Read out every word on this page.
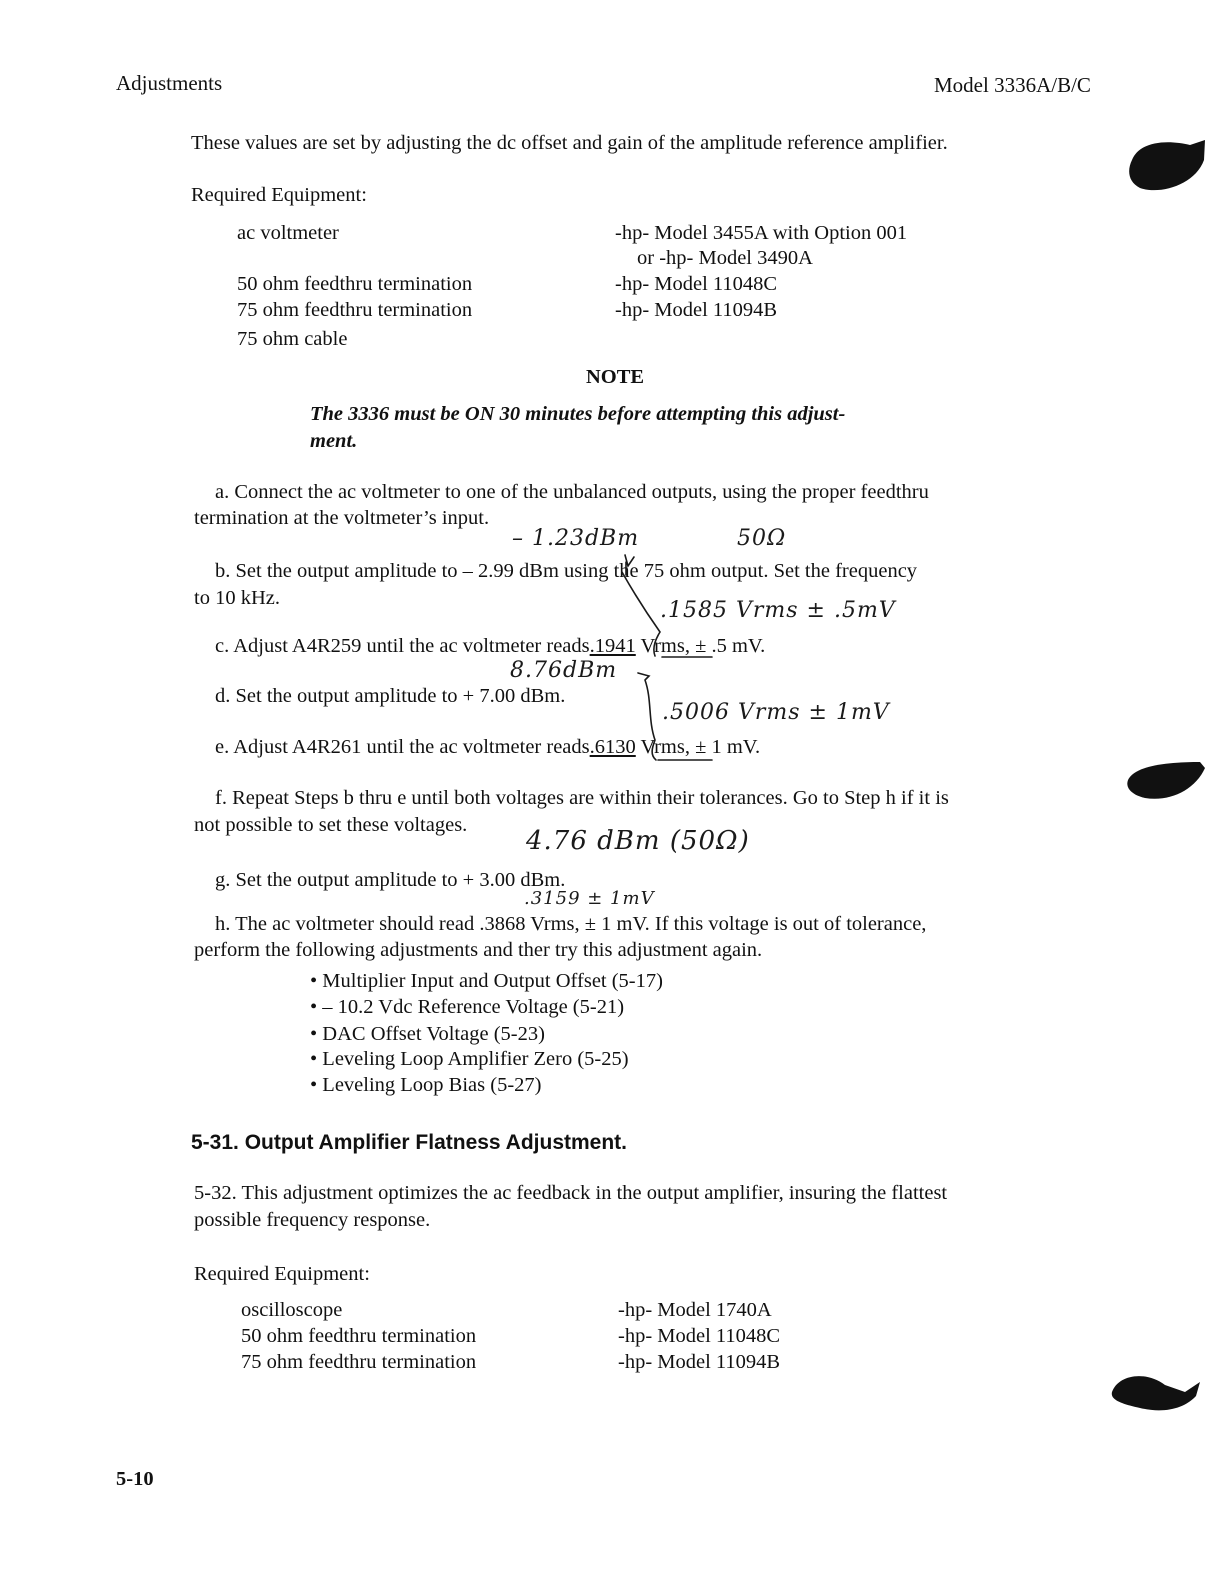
Adjustments	Model 3336A/B/C
These values are set by adjusting the dc offset and gain of the amplitude reference amplifier.
Required Equipment:
ac voltmeter	-hp- Model 3455A with Option 001
or -hp- Model 3490A
50 ohm feedthru termination	-hp- Model 11048C
75 ohm feedthru termination	-hp- Model 11094B
75 ohm cable
NOTE
The 3336 must be ON 30 minutes before attempting this adjust-
ment.
a. Connect the ac voltmeter to one of the unbalanced outputs, using the proper feedthru
termination at the voltmeter’s input.
– 1.23dBm	50Ω
b. Set the output amplitude to – 2.99 dBm using the 75 ohm output. Set the frequency
to 10 kHz.	.1585 Vrms ± .5mV
c. Adjust A4R259 until the ac voltmeter reads.1941 Vrms, ± .5 mV.
8.76dBm
d. Set the output amplitude to + 7.00 dBm.
.5006 Vrms ± 1mV
e. Adjust A4R261 until the ac voltmeter reads.6130 Vrms, ± 1 mV.
f. Repeat Steps b thru e until both voltages are within their tolerances. Go to Step h if it is
not possible to set these voltages.
4.76 dBm (50Ω)
g. Set the output amplitude to + 3.00 dBm.
.3159 ± 1mV
h. The ac voltmeter should read .3868 Vrms, ± 1 mV. If this voltage is out of tolerance,
perform the following adjustments and ther try this adjustment again.
• Multiplier Input and Output Offset (5-17)
• – 10.2 Vdc Reference Voltage (5-21)
• DAC Offset Voltage (5-23)
• Leveling Loop Amplifier Zero (5-25)
• Leveling Loop Bias (5-27)
5-31. Output Amplifier Flatness Adjustment.
5-32. This adjustment optimizes the ac feedback in the output amplifier, insuring the flattest
possible frequency response.
Required Equipment:
oscilloscope	-hp- Model 1740A
50 ohm feedthru termination	-hp- Model 11048C
75 ohm feedthru termination	-hp- Model 11094B
5-10
